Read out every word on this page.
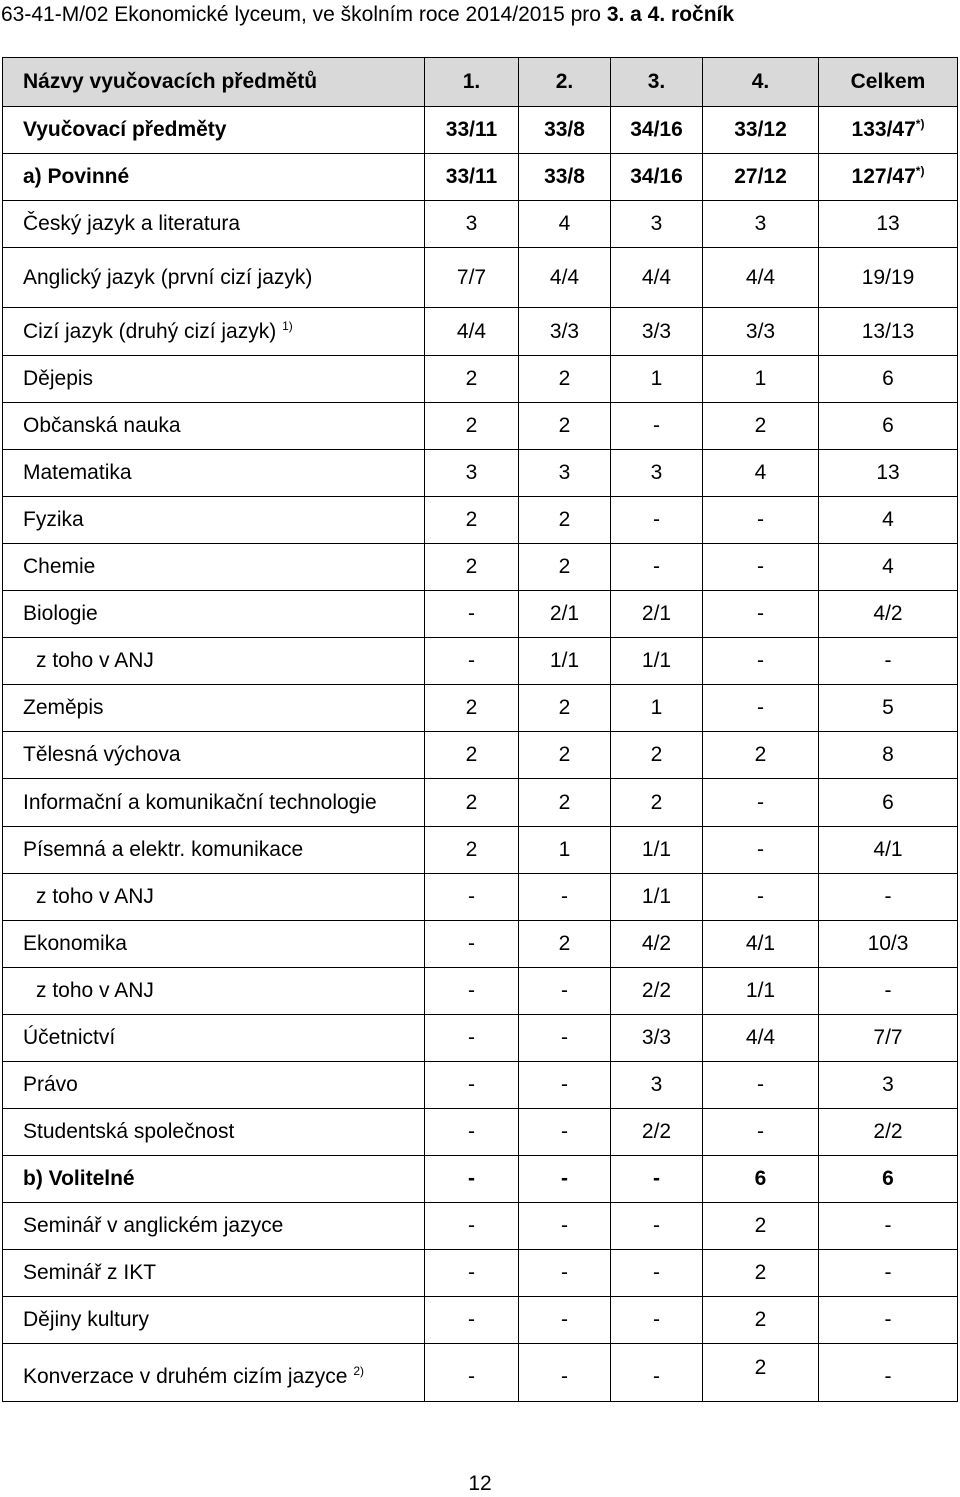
63-41-M/02 Ekonomické lyceum, ve školním roce 2014/2015 pro 3. a 4. ročník
Názvy vyučovacích předmětů	1.	2.	3.	4.	Celkem
Vyučovací předměty	33/11	33/8	34/16	33/12	133/47*)
a) Povinné	33/11	33/8	34/16	27/12	127/47*)
Český jazyk a literatura	3	4	3	3	13
Anglický jazyk (první cizí jazyk)	7/7	4/4	4/4	4/4	19/19
Cizí jazyk (druhý cizí jazyk) $^{1)}$	4/4	3/3	3/3	3/3	13/13
Dějepis	2	2	1	1	6
Občanská nauka	2	2	-	2	6
Matematika	3	3	3	4	13
Fyzika	2	2	-	-	4
Chemie	2	2	-	-	4
Biologie	-	2/1	2/1	-	4/2
z toho v ANJ	-	1/1	1/1	-	-
Zeměpis	2	2	1	-	5
Tělesná výchova	2	2	2	2	8
Informační a komunikační technologie	2	2	2	-	6
Písemná a elektr. komunikace	2	1	1/1	-	4/1
z toho v ANJ	-	-	1/1	-	-
Ekonomika	-	2	4/2	4/1	10/3
z toho v ANJ	-	-	2/2	1/1	-
Účetnictví	-	-	3/3	4/4	7/7
Právo	-	-	3	-	3
Studentská společnost	-	-	2/2	-	2/2
b) Volitelné	-	-	-	6	6
Seminář v anglickém jazyce	-	-	-	2	-
Seminář z IKT	-	-	-	2	-
Dějiny kultury	-	-	-	2	-
Konverzace v druhém cizím jazyce $^{2)}$	-	-	-	2	-
12
